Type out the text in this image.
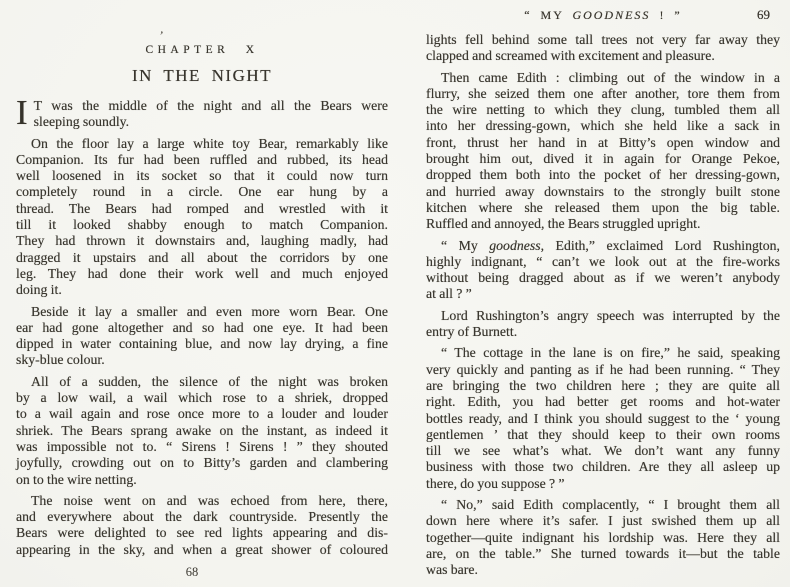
’
CHAPTER X
IN THE NIGHT
I T was the middle of the night and all the Bears were
sleeping soundly.
On the floor lay a large white toy Bear, remarkably like
Companion. Its fur had been ruffled and rubbed, its head
well loosened in its socket so that it could now turn
completely round in a circle. One ear hung by a
thread. The Bears had romped and wrestled with it
till it looked shabby enough to match Companion.
They had thrown it downstairs and, laughing madly, had
dragged it upstairs and all about the corridors by one
leg. They had done their work well and much enjoyed
doing it.
Beside it lay a smaller and even more worn Bear. One
ear had gone altogether and so had one eye. It had been
dipped in water containing blue, and now lay drying, a fine
sky-blue colour.
All of a sudden, the silence of the night was broken
by a low wail, a wail which rose to a shriek, dropped
to a wail again and rose once more to a louder and louder
shriek. The Bears sprang awake on the instant, as indeed it
was impossible not to. “ Sirens ! Sirens ! ” they shouted
joyfully, crowding out on to Bitty’s garden and clambering
on to the wire netting.
The noise went on and was echoed from here, there,
and everywhere about the dark countryside. Presently the
Bears were delighted to see red lights appearing and dis-
appearing in the sky, and when a great shower of coloured
68
“ MY GOODNESS ! ”	69
lights fell behind some tall trees not very far away they
clapped and screamed with excitement and pleasure.
Then came Edith : climbing out of the window in a
flurry, she seized them one after another, tore them from
the wire netting to which they clung, tumbled them all
into her dressing-gown, which she held like a sack in
front, thrust her hand in at Bitty’s open window and
brought him out, dived it in again for Orange Pekoe,
dropped them both into the pocket of her dressing-gown,
and hurried away downstairs to the strongly built stone
kitchen where she released them upon the big table.
Ruffled and annoyed, the Bears struggled upright.
“ My goodness, Edith,” exclaimed Lord Rushington,
highly indignant, “ can’t we look out at the fire-works
without being dragged about as if we weren’t anybody
at all ? ”
Lord Rushington’s angry speech was interrupted by the
entry of Burnett.
“ The cottage in the lane is on fire,” he said, speaking
very quickly and panting as if he had been running. “ They
are bringing the two children here ; they are quite all
right. Edith, you had better get rooms and hot-water
bottles ready, and I think you should suggest to the ‘ young
gentlemen ’ that they should keep to their own rooms
till we see what’s what. We don’t want any funny
business with those two children. Are they all asleep up
there, do you suppose ? ”
“ No,” said Edith complacently, “ I brought them all
down here where it’s safer. I just swished them up all
together—quite indignant his lordship was. Here they all
are, on the table.” She turned towards it—but the table
was bare.
